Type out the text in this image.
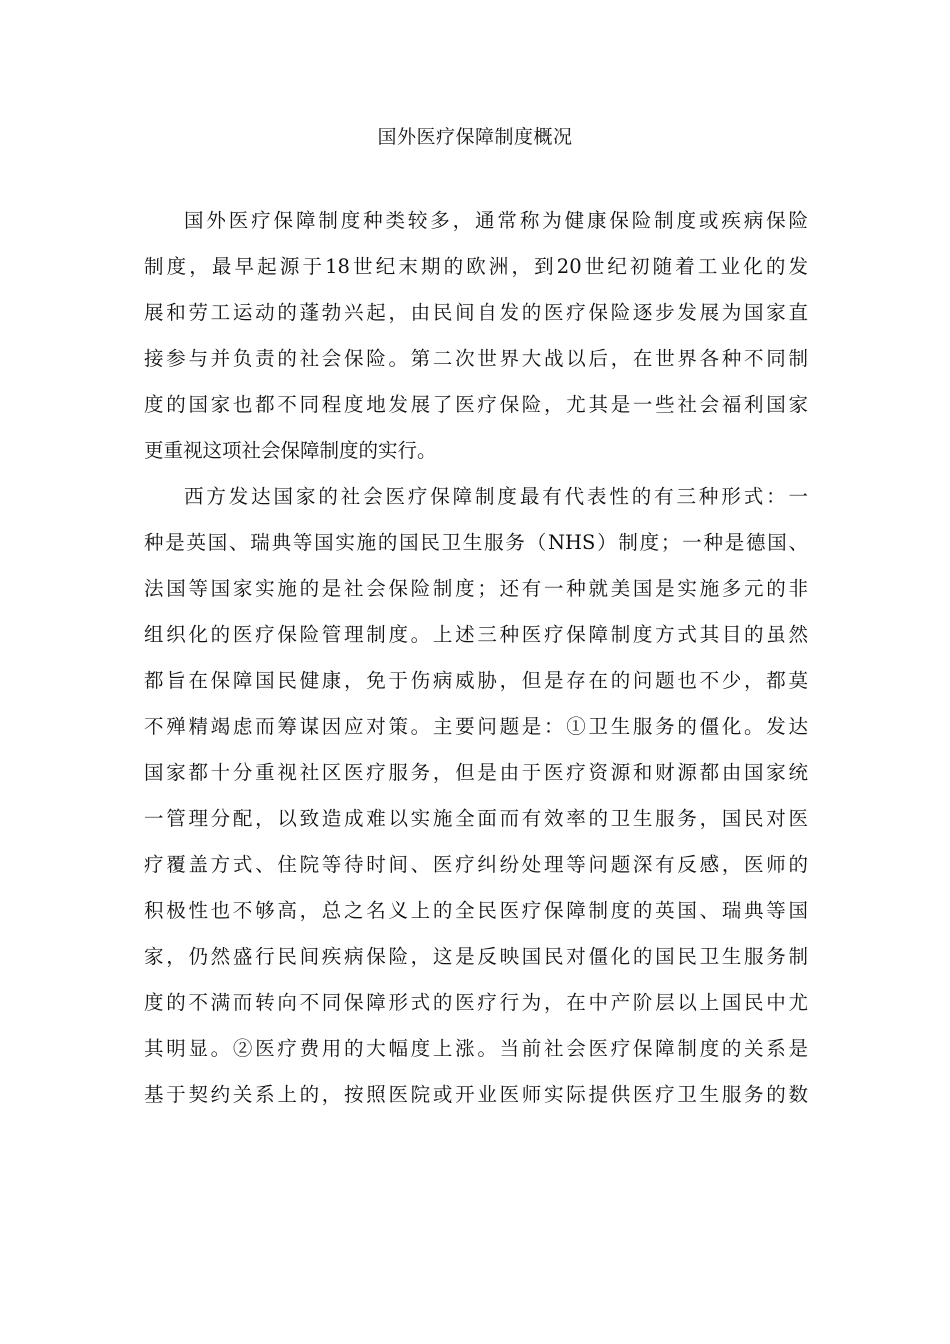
国外医疗保障制度概况
国外医疗保障制度种类较多，通常称为健康保险制度或疾病保险
制度，最早起源于18世纪末期的欧洲，到20世纪初随着工业化的发
展和劳工运动的蓬勃兴起，由民间自发的医疗保险逐步发展为国家直
接参与并负责的社会保险。第二次世界大战以后，在世界各种不同制
度的国家也都不同程度地发展了医疗保险，尤其是一些社会福利国家
更重视这项社会保障制度的实行。
西方发达国家的社会医疗保障制度最有代表性的有三种形式：一
种是英国、瑞典等国实施的国民卫生服务（NHS）制度；一种是德国、
法国等国家实施的是社会保险制度；还有一种就美国是实施多元的非
组织化的医疗保险管理制度。上述三种医疗保障制度方式其目的虽然
都旨在保障国民健康，免于伤病威胁，但是存在的问题也不少，都莫
不殚精竭虑而筹谋因应对策。主要问题是：①卫生服务的僵化。发达
国家都十分重视社区医疗服务，但是由于医疗资源和财源都由国家统
一管理分配，以致造成难以实施全面而有效率的卫生服务，国民对医
疗覆盖方式、住院等待时间、医疗纠纷处理等问题深有反感，医师的
积极性也不够高，总之名义上的全民医疗保障制度的英国、瑞典等国
家，仍然盛行民间疾病保险，这是反映国民对僵化的国民卫生服务制
度的不满而转向不同保障形式的医疗行为，在中产阶层以上国民中尤
其明显。②医疗费用的大幅度上涨。当前社会医疗保障制度的关系是
基于契约关系上的，按照医院或开业医师实际提供医疗卫生服务的数
